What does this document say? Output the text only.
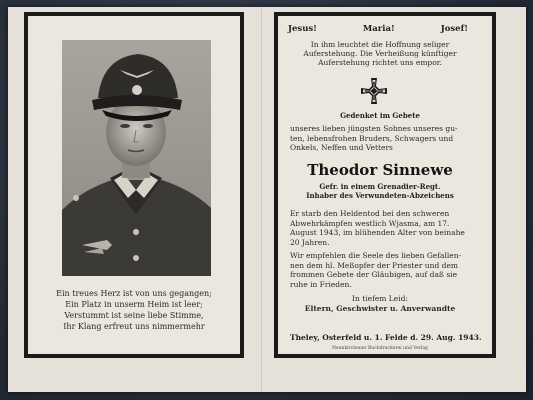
Ein treues Herz ist von uns gegangen;
Ein Platz in unserm Heim ist leer;
Verstummt ist seine liebe Stimme,
Ihr Klang erfreut uns nimmermehr
Jesus!	Maria!	Josef!
In ihm leuchtet die Hoffnung seliger
Auferstehung. Die Verheißung künftiger
Auferstehung richtet uns empor.
Gedenket im Gebete
unseres lieben jüngsten Sohnes unseres gu-
ten, lebensfrohen Bruders, Schwagers und
Onkels, Neffen und Vetters
Theodor Sinnewe
Gefr. in einem Grenadier-Regt.
Inhaber des Verwundeten-Abzeichens
Er starb den Heldentod bei den schweren
Abwehrkämpfen westlich Wjasma, am 17.
August 1943, im blühenden Alter von beinahe
20 Jahren.
Wir empfehlen die Seele des lieben Gefallen-
nen dem hl. Meßopfer der Priester und dem
frommen Gebete der Gläubigen, auf daß sie
ruhe in Frieden.
In tiefem Leid:
Eltern, Geschwister u. Anverwandte
Theley, Osterfeld u. 1. Felde d. 29. Aug. 1943.
Neunkirchener Buchdruckerei und Verlag
